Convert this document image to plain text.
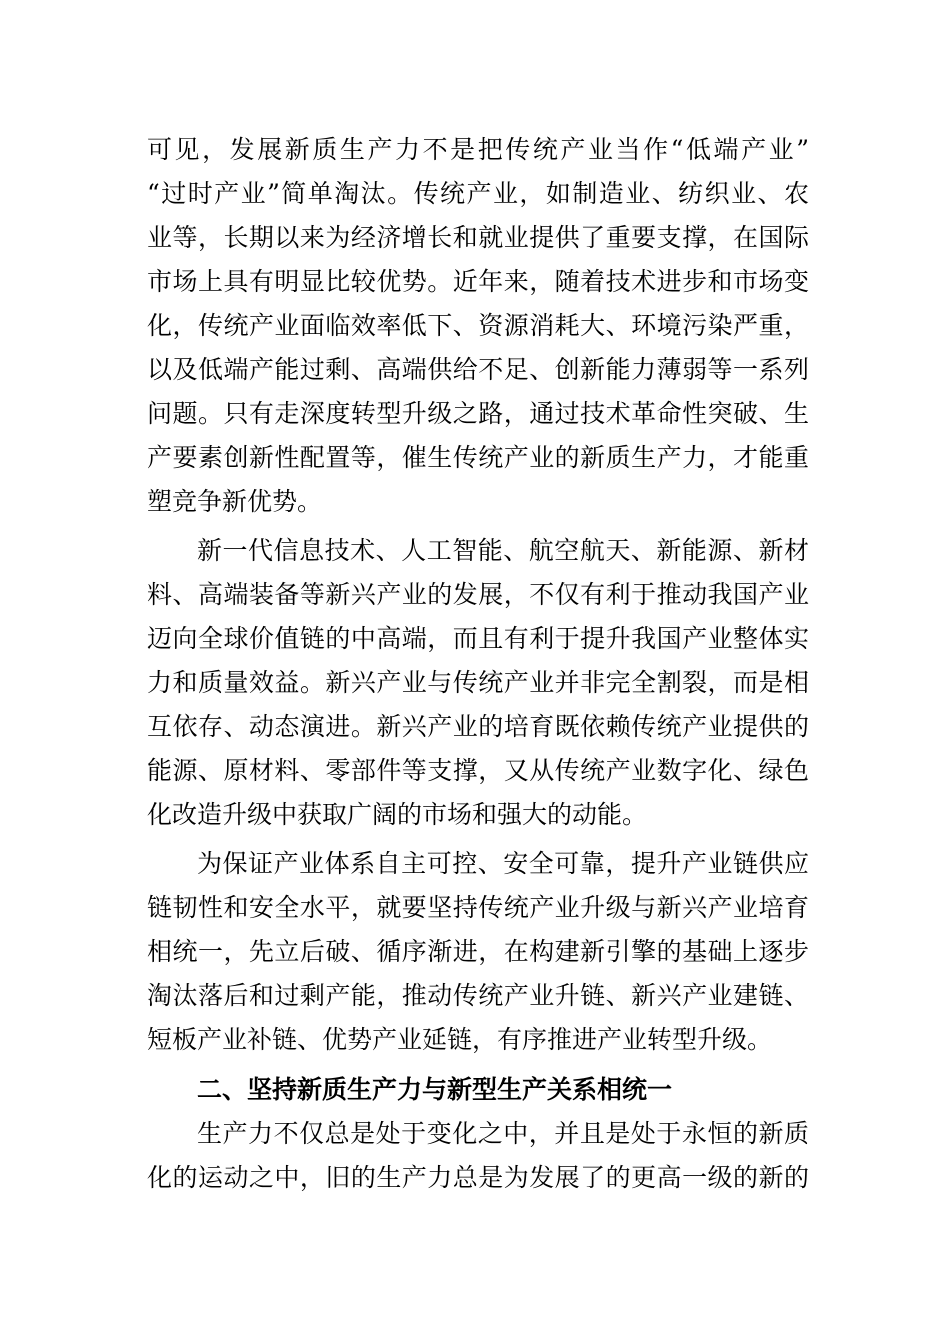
可见，发展新质生产力不是把传统产业当作“低端产业”
“过时产业”简单淘汰。传统产业，如制造业、纺织业、农
业等，长期以来为经济增长和就业提供了重要支撑，在国际
市场上具有明显比较优势。近年来，随着技术进步和市场变
化，传统产业面临效率低下、资源消耗大、环境污染严重，
以及低端产能过剩、高端供给不足、创新能力薄弱等一系列
问题。只有走深度转型升级之路，通过技术革命性突破、生
产要素创新性配置等，催生传统产业的新质生产力，才能重
塑竞争新优势。
新一代信息技术、人工智能、航空航天、新能源、新材
料、高端装备等新兴产业的发展，不仅有利于推动我国产业
迈向全球价值链的中高端，而且有利于提升我国产业整体实
力和质量效益。新兴产业与传统产业并非完全割裂，而是相
互依存、动态演进。新兴产业的培育既依赖传统产业提供的
能源、原材料、零部件等支撑，又从传统产业数字化、绿色
化改造升级中获取广阔的市场和强大的动能。
为保证产业体系自主可控、安全可靠，提升产业链供应
链韧性和安全水平，就要坚持传统产业升级与新兴产业培育
相统一，先立后破、循序渐进，在构建新引擎的基础上逐步
淘汰落后和过剩产能，推动传统产业升链、新兴产业建链、
短板产业补链、优势产业延链，有序推进产业转型升级。
二、坚持新质生产力与新型生产关系相统一
生产力不仅总是处于变化之中，并且是处于永恒的新质
化的运动之中，旧的生产力总是为发展了的更高一级的新的
